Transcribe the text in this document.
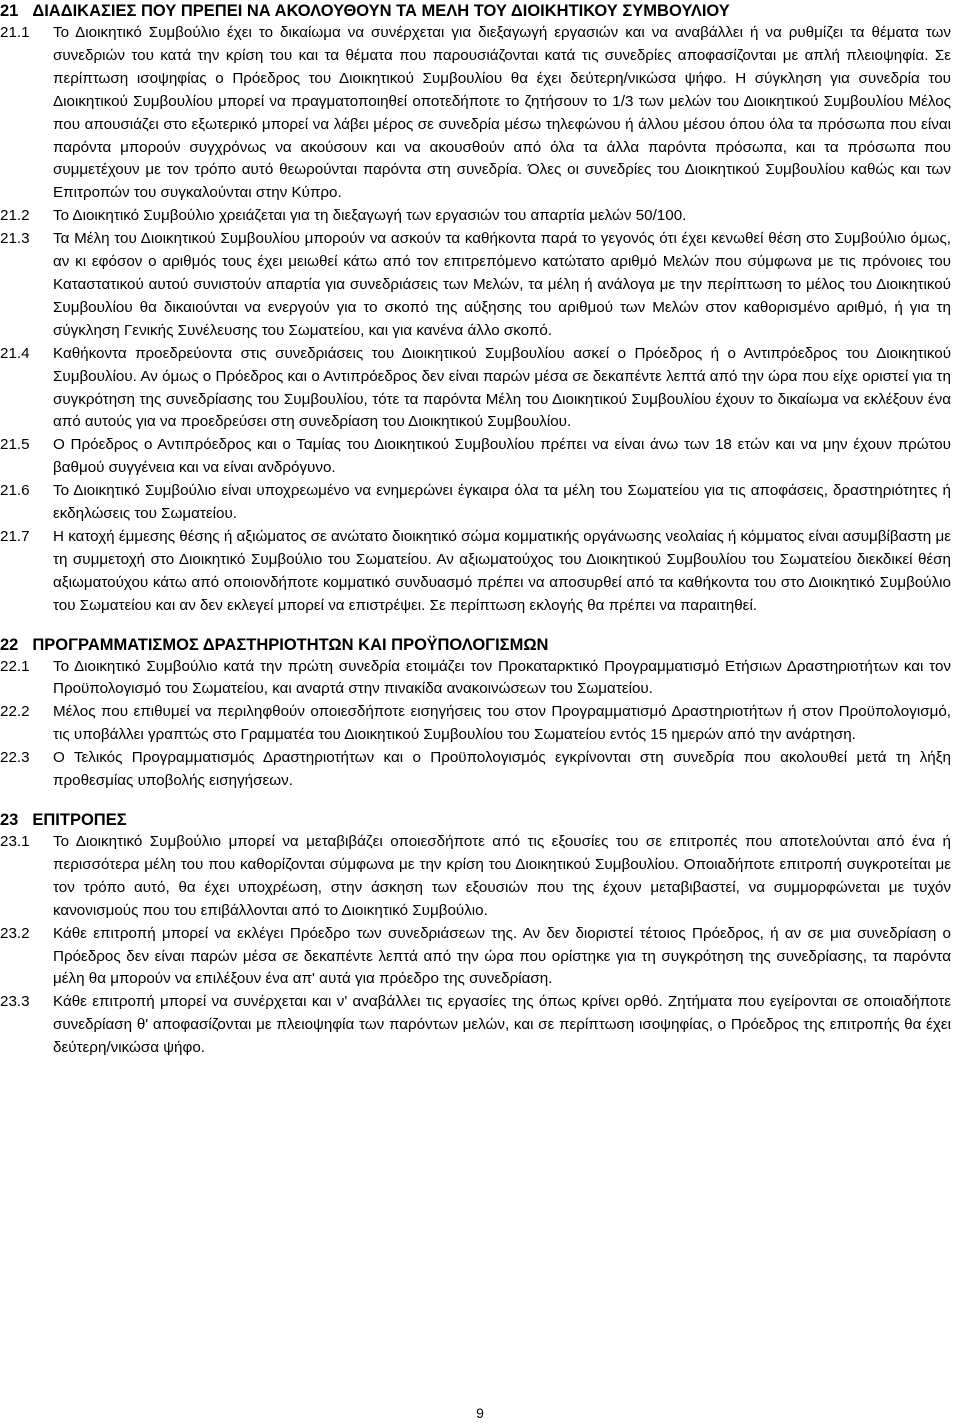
21 ΔΙΑΔΙΚΑΣΙΕΣ ΠΟΥ ΠΡΕΠΕΙ ΝΑ ΑΚΟΛΟΥΘΟΥΝ ΤΑ ΜΕΛΗ ΤΟΥ ΔΙΟΙΚΗΤΙΚΟΥ ΣΥΜΒΟΥΛΙΟΥ
21.1 Το Διοικητικό Συμβούλιο έχει το δικαίωμα να συνέρχεται για διεξαγωγή εργασιών και να αναβάλλει ή να ρυθμίζει τα θέματα των συνεδριών του κατά την κρίση του και τα θέματα που παρουσιάζονται κατά τις συνεδρίες αποφασίζονται με απλή πλειοψηφία. Σε περίπτωση ισοψηφίας ο Πρόεδρος του Διοικητικού Συμβουλίου θα έχει δεύτερη/νικώσα ψήφο. Η σύγκληση για συνεδρία του Διοικητικού Συμβουλίου μπορεί να πραγματοποιηθεί οποτεδήποτε το ζητήσουν το 1/3 των μελών του Διοικητικού Συμβουλίου Μέλος που απουσιάζει στο εξωτερικό μπορεί να λάβει μέρος σε συνεδρία μέσω τηλεφώνου ή άλλου μέσου όπου όλα τα πρόσωπα που είναι παρόντα μπορούν συγχρόνως να ακούσουν και να ακουσθούν από όλα τα άλλα παρόντα πρόσωπα, και τα πρόσωπα που συμμετέχουν με τον τρόπο αυτό θεωρούνται παρόντα στη συνεδρία. Όλες οι συνεδρίες του Διοικητικού Συμβουλίου καθώς και των Επιτροπών του συγκαλούνται στην Κύπρο.
21.2 Το Διοικητικό Συμβούλιο χρειάζεται για τη διεξαγωγή των εργασιών του απαρτία μελών 50/100.
21.3 Τα Μέλη του Διοικητικού Συμβουλίου μπορούν να ασκούν τα καθήκοντα παρά το γεγονός ότι έχει κενωθεί θέση στο Συμβούλιο όμως, αν κι εφόσον ο αριθμός τους έχει μειωθεί κάτω από τον επιτρεπόμενο κατώτατο αριθμό Μελών που σύμφωνα με τις πρόνοιες του Καταστατικού αυτού συνιστούν απαρτία για συνεδριάσεις των Μελών, τα μέλη ή ανάλογα με την περίπτωση το μέλος του Διοικητικού Συμβουλίου θα δικαιούνται να ενεργούν για το σκοπό της αύξησης του αριθμού των Μελών στον καθορισμένο αριθμό, ή για τη σύγκληση Γενικής Συνέλευσης του Σωματείου, και για κανένα άλλο σκοπό.
21.4 Καθήκοντα προεδρεύοντα στις συνεδριάσεις του Διοικητικού Συμβουλίου ασκεί ο Πρόεδρος ή ο Αντιπρόεδρος του Διοικητικού Συμβουλίου. Αν όμως ο Πρόεδρος και ο Αντιπρόεδρος δεν είναι παρών μέσα σε δεκαπέντε λεπτά από την ώρα που είχε οριστεί για τη συγκρότηση της συνεδρίασης του Συμβουλίου, τότε τα παρόντα Μέλη του Διοικητικού Συμβουλίου έχουν το δικαίωμα να εκλέξουν ένα από αυτούς για να προεδρεύσει στη συνεδρίαση του Διοικητικού Συμβουλίου.
21.5 Ο Πρόεδρος ο Αντιπρόεδρος και ο Ταμίας του Διοικητικού Συμβουλίου πρέπει να είναι άνω των 18 ετών και να μην έχουν πρώτου βαθμού συγγένεια και να είναι ανδρόγυνο.
21.6 Το Διοικητικό Συμβούλιο είναι υποχρεωμένο να ενημερώνει έγκαιρα όλα τα μέλη του Σωματείου για τις αποφάσεις, δραστηριότητες ή εκδηλώσεις του Σωματείου.
21.7 Η κατοχή έμμεσης θέσης ή αξιώματος σε ανώτατο διοικητικό σώμα κομματικής οργάνωσης νεολαίας ή κόμματος είναι ασυμβίβαστη με τη συμμετοχή στο Διοικητικό Συμβούλιο του Σωματείου. Αν αξιωματούχος του Διοικητικού Συμβουλίου του Σωματείου διεκδικεί θέση αξιωματούχου κάτω από οποιονδήποτε κομματικό συνδυασμό πρέπει να αποσυρθεί από τα καθήκοντα του στο Διοικητικό Συμβούλιο του Σωματείου και αν δεν εκλεγεί μπορεί να επιστρέψει. Σε περίπτωση εκλογής θα πρέπει να παραιτηθεί.
22 ΠΡΟΓΡΑΜΜΑΤΙΣΜΟΣ ΔΡΑΣΤΗΡΙΟΤΗΤΩΝ ΚΑΙ ΠΡΟΫΠΟΛΟΓΙΣΜΩΝ
22.1 Το Διοικητικό Συμβούλιο κατά την πρώτη συνεδρία ετοιμάζει τον Προκαταρκτικό Προγραμματισμό Ετήσιων Δραστηριοτήτων και τον Προϋπολογισμό του Σωματείου, και αναρτά στην πινακίδα ανακοινώσεων του Σωματείου.
22.2 Μέλος που επιθυμεί να περιληφθούν οποιεσδήποτε εισηγήσεις του στον Προγραμματισμό Δραστηριοτήτων ή στον Προϋπολογισμό, τις υποβάλλει γραπτώς στο Γραμματέα του Διοικητικού Συμβουλίου του Σωματείου εντός 15 ημερών από την ανάρτηση.
22.3 Ο Τελικός Προγραμματισμός Δραστηριοτήτων και ο Προϋπολογισμός εγκρίνονται στη συνεδρία που ακολουθεί μετά τη λήξη προθεσμίας υποβολής εισηγήσεων.
23 ΕΠΙΤΡΟΠΕΣ
23.1 Το Διοικητικό Συμβούλιο μπορεί να μεταβιβάζει οποιεσδήποτε από τις εξουσίες του σε επιτροπές που αποτελούνται από ένα ή περισσότερα μέλη του που καθορίζονται σύμφωνα με την κρίση του Διοικητικού Συμβουλίου. Οποιαδήποτε επιτροπή συγκροτείται με τον τρόπο αυτό, θα έχει υποχρέωση, στην άσκηση των εξουσιών που της έχουν μεταβιβαστεί, να συμμορφώνεται με τυχόν κανονισμούς που του επιβάλλονται από το Διοικητικό Συμβούλιο.
23.2 Κάθε επιτροπή μπορεί να εκλέγει Πρόεδρο των συνεδριάσεων της. Αν δεν διοριστεί τέτοιος Πρόεδρος, ή αν σε μια συνεδρίαση ο Πρόεδρος δεν είναι παρών μέσα σε δεκαπέντε λεπτά από την ώρα που ορίστηκε για τη συγκρότηση της συνεδρίασης, τα παρόντα μέλη θα μπορούν να επιλέξουν ένα απ' αυτά για πρόεδρο της συνεδρίαση.
23.3 Κάθε επιτροπή μπορεί να συνέρχεται και ν' αναβάλλει τις εργασίες της όπως κρίνει ορθό. Ζητήματα που εγείρονται σε οποιαδήποτε συνεδρίαση θ' αποφασίζονται με πλειοψηφία των παρόντων μελών, και σε περίπτωση ισοψηφίας, ο Πρόεδρος της επιτροπής θα έχει δεύτερη/νικώσα ψήφο.
9
